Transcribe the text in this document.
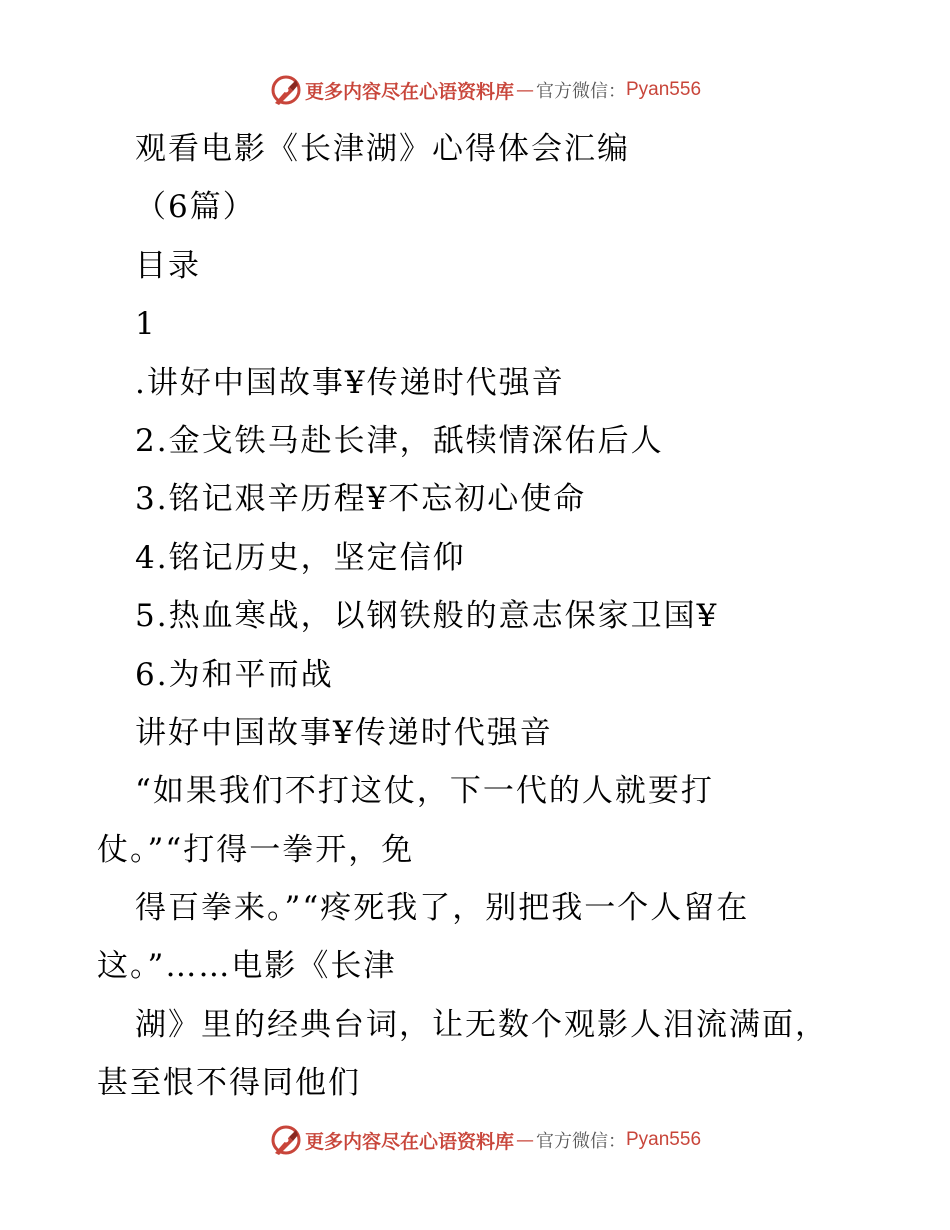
更多内容尽在心语资料库 — 官方微信： Pyan556
观看电影《长津湖》心得体会汇编
（6篇）
目录
1
.讲好中国故事¥传递时代强音
2.金戈铁马赴长津，舐犊情深佑后人
3.铭记艰辛历程¥不忘初心使命
4.铭记历史，坚定信仰
5.热血寒战，以钢铁般的意志保家卫国¥
6.为和平而战
讲好中国故事¥传递时代强音
“如果我们不打这仗，下一代的人就要打
仗。”“打得一拳开，免
得百拳来。”“疼死我了，别把我一个人留在
这。”……电影《长津
湖》里的经典台词，让无数个观影人泪流满面，
甚至恨不得同他们
更多内容尽在心语资料库 — 官方微信： Pyan556
